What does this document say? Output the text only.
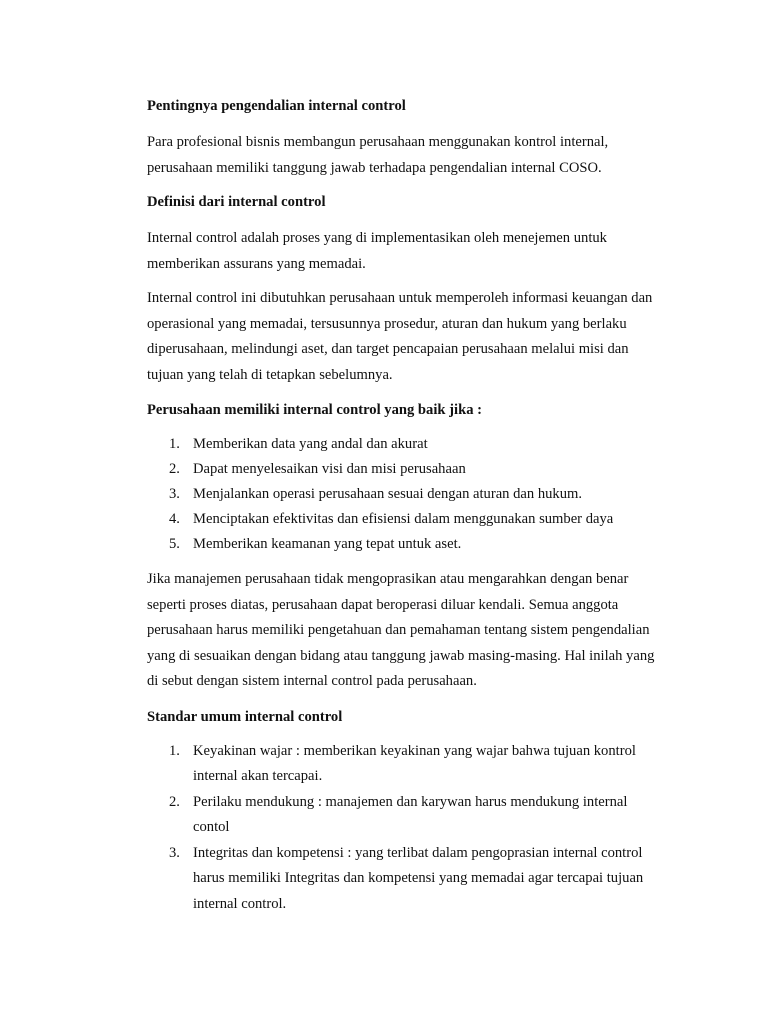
Pentingnya pengendalian internal control

Para profesional bisnis membangun perusahaan menggunakan kontrol internal, perusahaan memiliki tanggung jawab terhadapa pengendalian internal COSO.

Definisi dari internal control

Internal control adalah proses yang di implementasikan oleh menejemen untuk memberikan assurans yang memadai.

Internal control ini dibutuhkan perusahaan untuk memperoleh informasi keuangan dan operasional yang memadai, tersusunnya prosedur, aturan dan hukum yang berlaku diperusahaan, melindungi aset, dan target pencapaian perusahaan melalui misi dan tujuan yang telah di tetapkan sebelumnya.

Perusahaan memiliki internal control yang baik jika :

1. Memberikan data yang andal dan akurat
2. Dapat menyelesaikan visi dan misi perusahaan
3. Menjalankan operasi perusahaan sesuai dengan aturan dan hukum.
4. Menciptakan efektivitas dan efisiensi dalam menggunakan sumber daya
5. Memberikan keamanan yang tepat untuk aset.

Jika manajemen perusahaan tidak mengoprasikan atau mengarahkan dengan benar seperti proses diatas, perusahaan dapat beroperasi diluar kendali. Semua anggota perusahaan harus memiliki pengetahuan dan pemahaman tentang sistem pengendalian yang di sesuaikan dengan bidang atau tanggung jawab masing-masing. Hal inilah yang di sebut dengan sistem internal control pada perusahaan.

Standar umum internal control

1. Keyakinan wajar : memberikan keyakinan yang wajar bahwa tujuan kontrol internal akan tercapai.
2. Perilaku mendukung : manajemen dan karywan harus mendukung internal contol
3. Integritas dan kompetensi : yang terlibat dalam pengoprasian internal control harus memiliki Integritas dan kompetensi yang memadai agar tercapai tujuan internal control.
